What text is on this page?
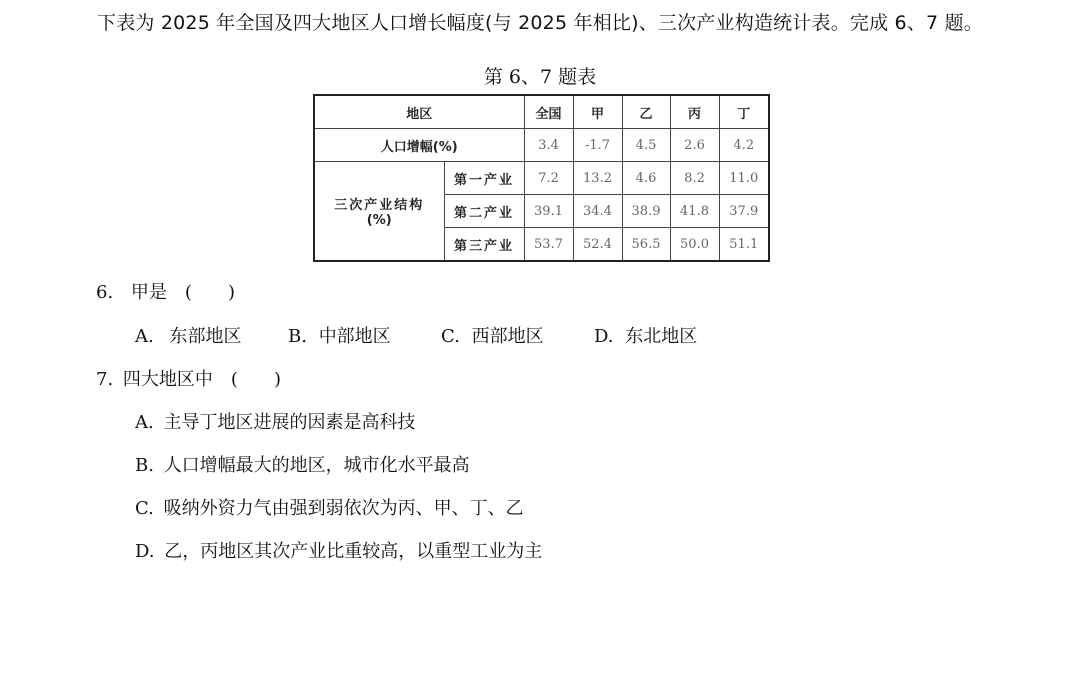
下表为 2025 年全国及四大地区人口增长幅度(与 2025 年相比)、三次产业构造统计表。完成 6、7 题。
第 6、7 题表
地区		全国	甲	乙	丙	丁
人口增幅(%)		3.4	-1.7	4.5	2.6	4.2

三次产业结构
(%)	第一产业	7.2	13.2	4.6	8.2	11.0
	第二产业	39.1	34.4	38.9	41.8	37.9
	第三产业	53.7	52.4	56.5	50.0	51.1
6. 甲是　(　　)
A. 东部地区	B. 中部地区	C. 西部地区	D. 东北地区
7. 四大地区中　(　　)
A. 主导丁地区进展的因素是高科技
B. 人口增幅最大的地区，城市化水平最高
C. 吸纳外资力气由强到弱依次为丙、甲、丁、乙
D. 乙，丙地区其次产业比重较高，以重型工业为主
